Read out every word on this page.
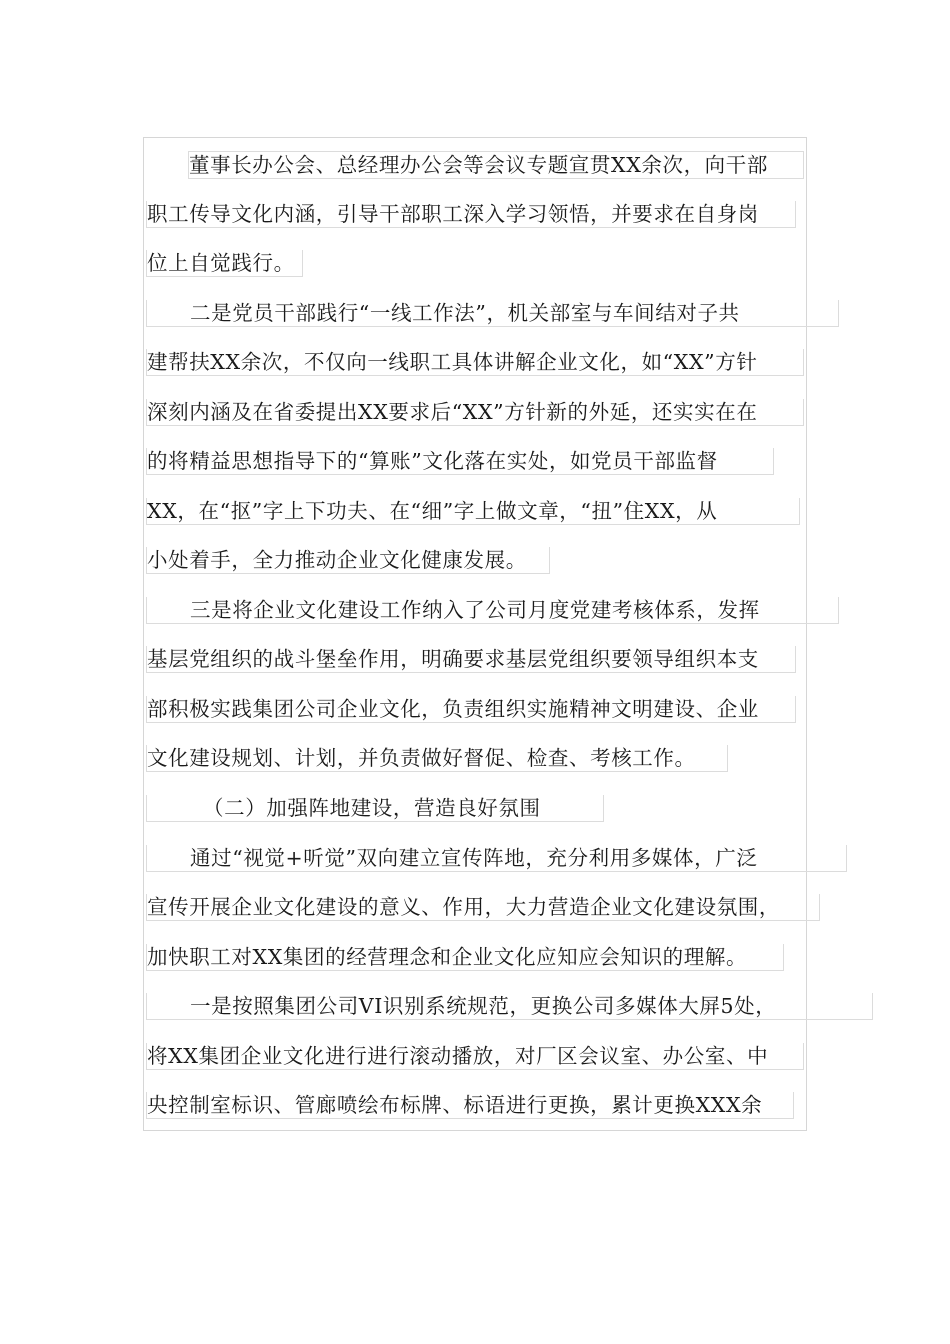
董事长办公会、总经理办公会等会议专题宣贯XX余次，向干部
职工传导文化内涵，引导干部职工深入学习领悟，并要求在自身岗
位上自觉践行。
二是党员干部践行“一线工作法”，机关部室与车间结对子共
建帮扶XX余次，不仅向一线职工具体讲解企业文化，如“XX”方针
深刻内涵及在省委提出XX要求后“XX”方针新的外延，还实实在在
的将精益思想指导下的“算账”文化落在实处，如党员干部监督
XX，在“抠”字上下功夫、在“细”字上做文章，“扭”住XX，从
小处着手，全力推动企业文化健康发展。
三是将企业文化建设工作纳入了公司月度党建考核体系，发挥
基层党组织的战斗堡垒作用，明确要求基层党组织要领导组织本支
部积极实践集团公司企业文化，负责组织实施精神文明建设、企业
文化建设规划、计划，并负责做好督促、检查、考核工作。
（二）加强阵地建设，营造良好氛围
通过“视觉+听觉”双向建立宣传阵地，充分利用多媒体，广泛
宣传开展企业文化建设的意义、作用，大力营造企业文化建设氛围，
加快职工对XX集团的经营理念和企业文化应知应会知识的理解。
一是按照集团公司VI识别系统规范，更换公司多媒体大屏5处，
将XX集团企业文化进行进行滚动播放，对厂区会议室、办公室、中
央控制室标识、管廊喷绘布标牌、标语进行更换，累计更换XXX余
